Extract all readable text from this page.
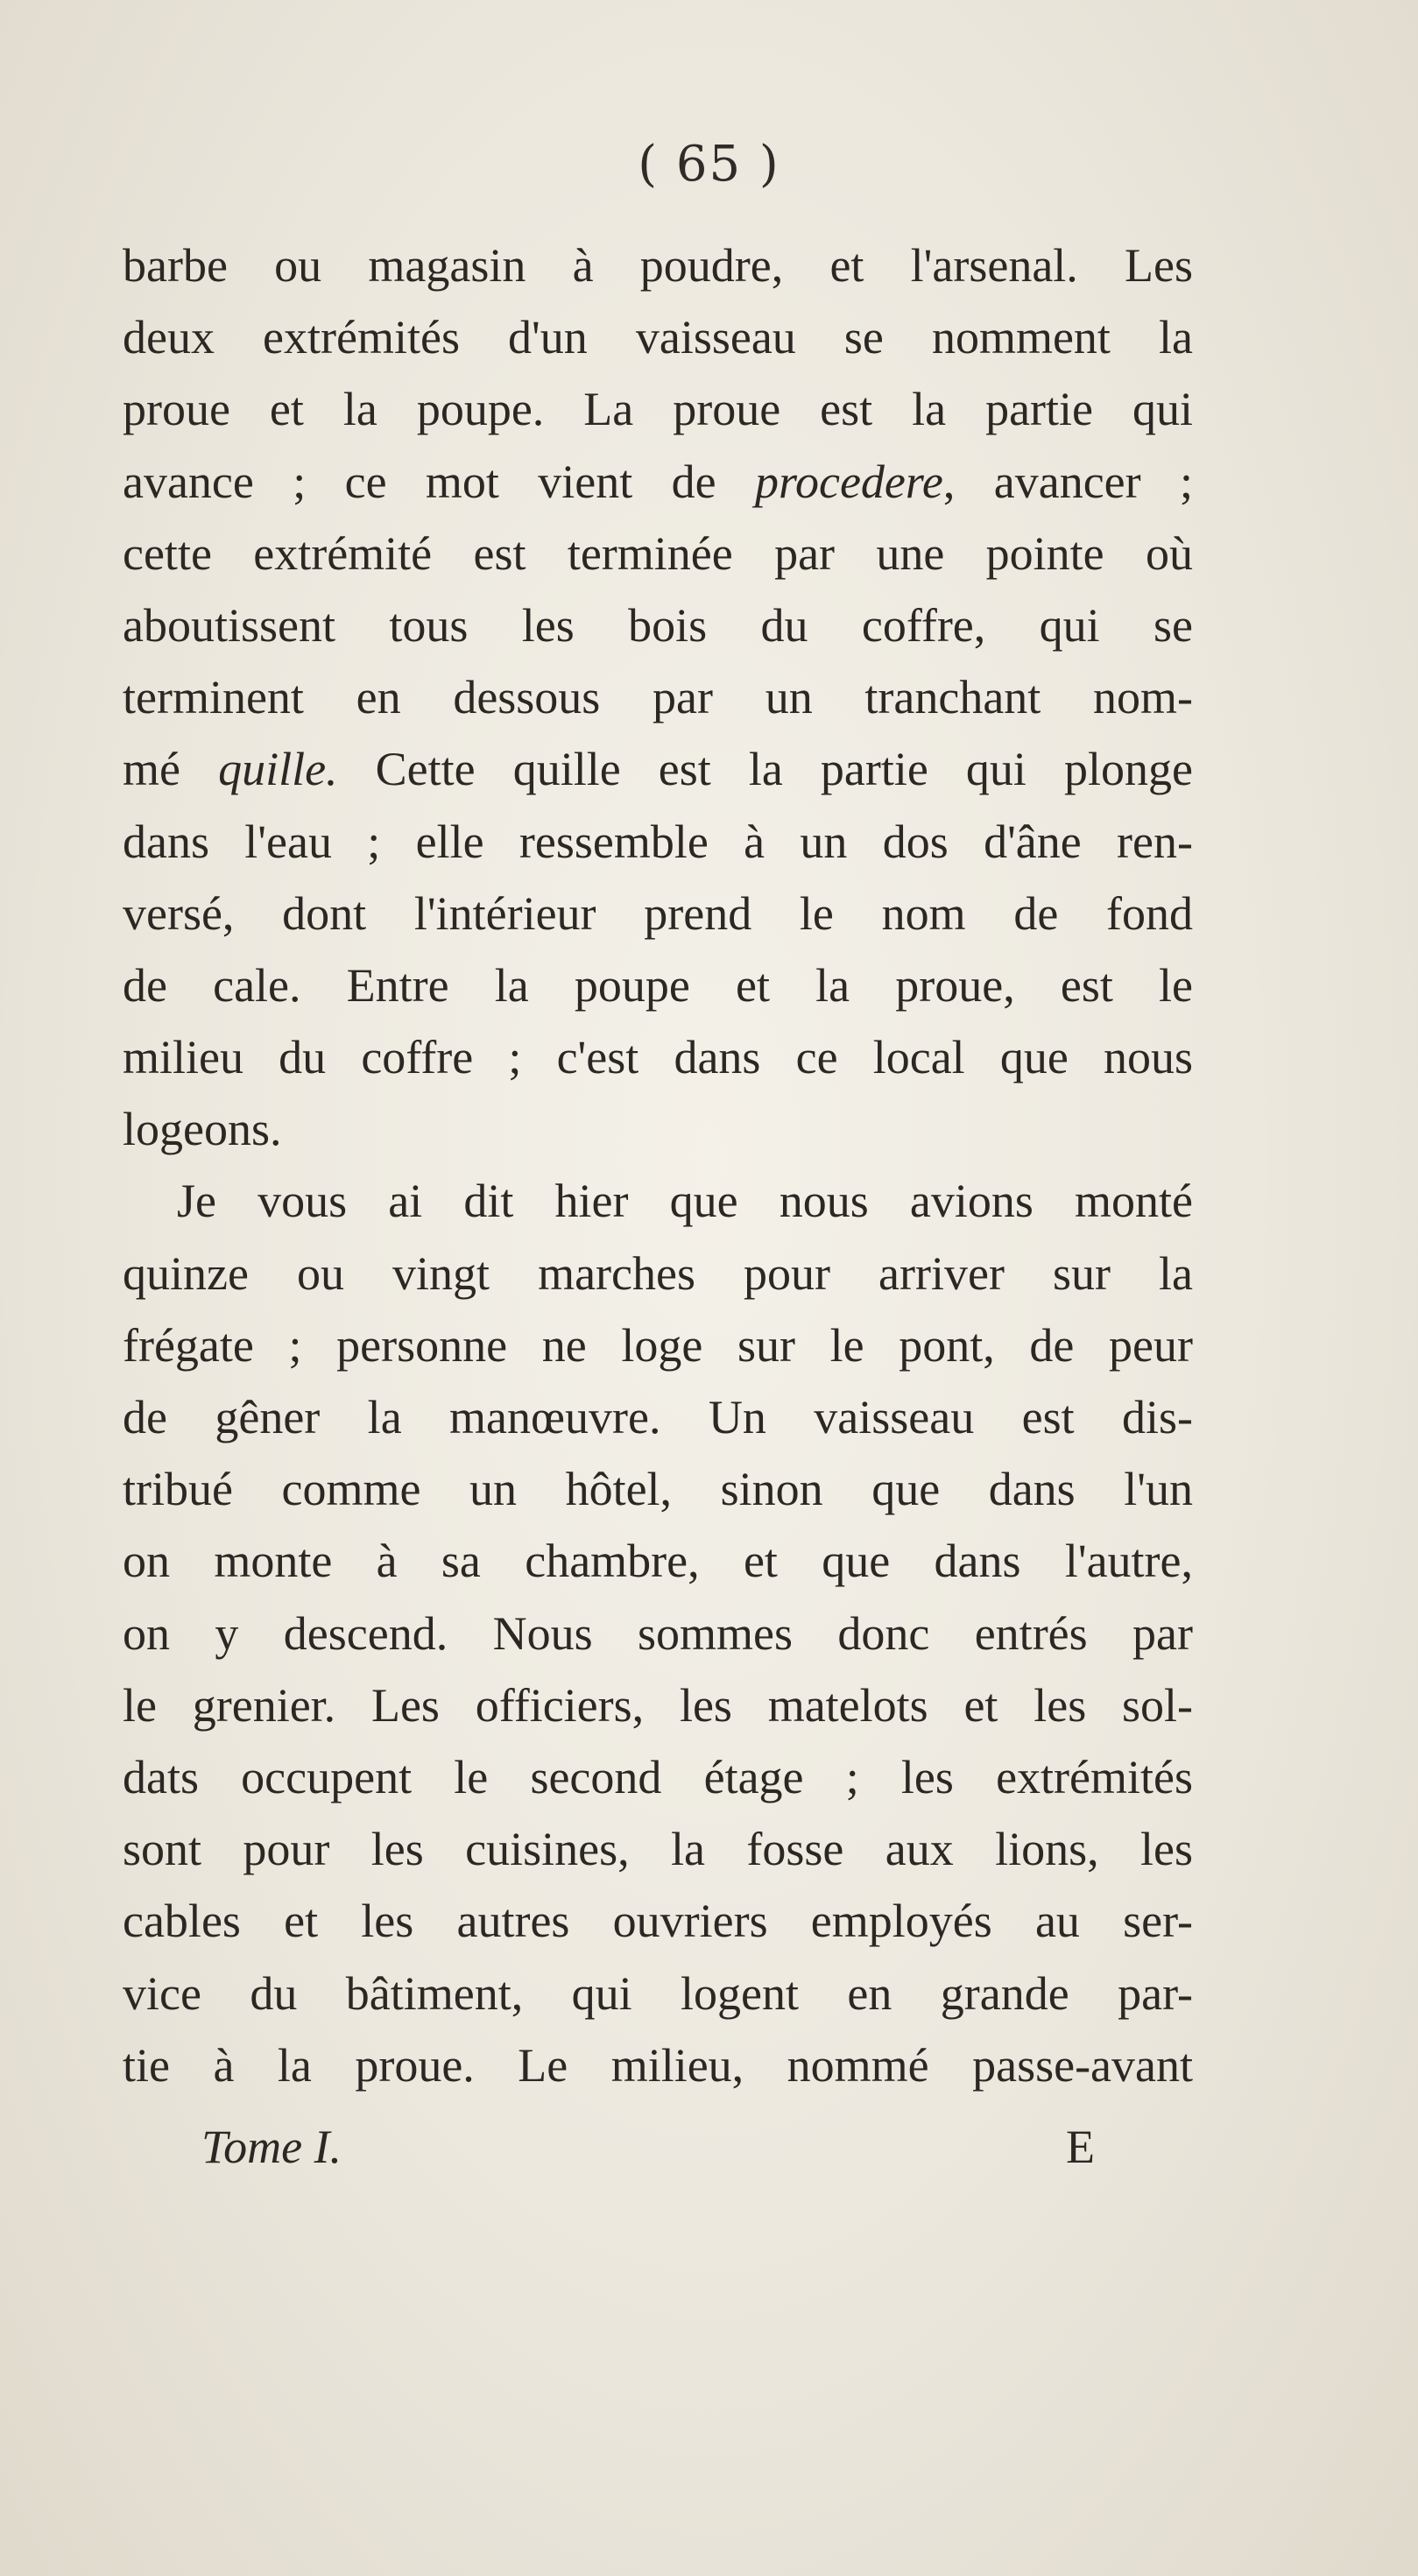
( 65 )
barbe ou magasin à poudre, et l'arsenal. Les
deux extrémités d'un vaisseau se nomment la
proue et la poupe. La proue est la partie qui
avance ; ce mot vient de procedere, avancer ;
cette extrémité est terminée par une pointe où
aboutissent tous les bois du coffre, qui se
terminent en dessous par un tranchant nom-
mé quille. Cette quille est la partie qui plonge
dans l'eau ; elle ressemble à un dos d'âne ren-
versé, dont l'intérieur prend le nom de fond
de cale. Entre la poupe et la proue, est le
milieu du coffre ; c'est dans ce local que nous
logeons.
Je vous ai dit hier que nous avions monté
quinze ou vingt marches pour arriver sur la
frégate ; personne ne loge sur le pont, de peur
de gêner la manœuvre. Un vaisseau est dis-
tribué comme un hôtel, sinon que dans l'un
on monte à sa chambre, et que dans l'autre,
on y descend. Nous sommes donc entrés par
le grenier. Les officiers, les matelots et les sol-
dats occupent le second étage ; les extrémités
sont pour les cuisines, la fosse aux lions, les
cables et les autres ouvriers employés au ser-
vice du bâtiment, qui logent en grande par-
tie à la proue. Le milieu, nommé passe-avant
Tome I.	E
